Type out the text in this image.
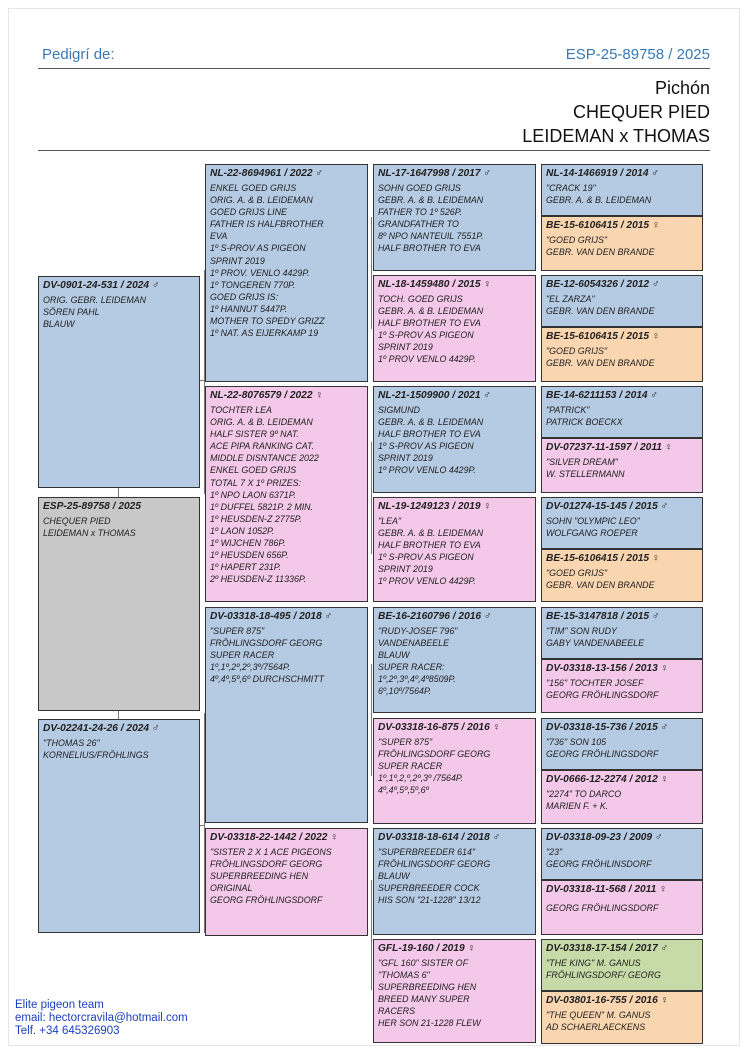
Pedigrí de:	ESP-25-89758 / 2025
Pichón
CHEQUER PIED
LEIDEMAN x THOMAS
DV-0901-24-531 / 2024 ♂
ORIG. GEBR. LEIDEMAN
SÖREN PAHL
BLAUW
ESP-25-89758 / 2025
CHEQUER PIED
LEIDEMAN x THOMAS
DV-02241-24-26 / 2024 ♂
"THOMAS 26"
KORNELIUS/FRÖHLINGS
NL-22-8694961 / 2022 ♂
ENKEL GOED GRIJS
ORIG. A. & B. LEIDEMAN
GOED GRIJS LINE
FATHER IS HALFBROTHER
EVA
1º S-PROV AS PIGEON
SPRINT 2019
1º PROV. VENLO 4429P.
1º TONGEREN 770P.
GOED GRIJS IS:
1º HANNUT 5447P.
MOTHER TO SPEDY GRIZZ
1º NAT. AS EIJERKAMP 19
NL-22-8076579 / 2022 ♀
TOCHTER LEA
ORIG. A. & B. LEIDEMAN
HALF SISTER 9º NAT.
ACE PIPA RANKING CAT.
MIDDLE DISNTANCE 2022
ENKEL GOED GRIJS
TOTAL 7 X 1º PRIZES:
1º NPO LAON 6371P.
1º DUFFEL 5821P. 2 MIN.
1º HEUSDEN-Z 2775P.
1º LAON 1052P.
1º WIJCHEN 786P.
1º HEUSDEN 656P.
1º HAPERT 231P.
2º HEUSDEN-Z 11336P.
DV-03318-18-495 / 2018 ♂
"SUPER 875"
FRÖHLINGSDORF GEORG
SUPER RACER
1º,1º,2º,2º,3º/7564P.
4º,4º,5º,6º DURCHSCHMITT
DV-03318-22-1442 / 2022 ♀
"SISTER 2 X 1 ACE PIGEONS
FRÖHLINGSDORF GEORG
SUPERBREEDING HEN
ORIGINAL
GEORG FRÖHLINGSDORF
NL-17-1647998 / 2017 ♂
SOHN GOED GRIJS
GEBR. A. & B. LEIDEMAN
FATHER TO 1º 526P.
GRANDFATHER TO
8º NPO NANTEUIL 7551P.
HALF BROTHER TO EVA
NL-18-1459480 / 2015 ♀
TOCH. GOED GRIJS
GEBR. A. & B. LEIDEMAN
HALF BROTHER TO EVA
1º S-PROV AS PIGEON
SPRINT 2019
1º PROV VENLO 4429P.
NL-21-1509900 / 2021 ♂
SIGMUND
GEBR. A. & B. LEIDEMAN
HALF BROTHER TO EVA
1º S-PROV AS PIGEON
SPRINT 2019
1º PROV VENLO 4429P.
NL-19-1249123 / 2019 ♀
"LEA"
GEBR. A. & B. LEIDEMAN
HALF BROTHER TO EVA
1º S-PROV AS PIGEON
SPRINT 2019
1º PROV VENLO 4429P.
BE-16-2160796 / 2016 ♂
"RUDY-JOSEF 796"
VANDENABEELE
BLAUW
SUPER RACER:
1º,2º,3º,4º,4º8509P.
6º,10º/7564P.
DV-03318-16-875 / 2016 ♀
"SUPER 875"
FRÖHLINGSDORF GEORG
SUPER RACER
1º,1º,2,º,2º,3º /7564P.
4º,4º,5º,5º,6º
DV-03318-18-614 / 2018 ♂
"SUPERBREEDER 614"
FRÖHLINGSDORF GEORG
BLAUW
SUPERBREEDER COCK
HIS SON "21-1228" 13/12
GFL-19-160 / 2019 ♀
"GFL 160" SISTER OF
"THOMAS 6"
SUPERBREEDING HEN
BREED MANY SUPER
RACERS
HER SON 21-1228 FLEW
NL-14-1466919 / 2014 ♂
"CRACK 19"
GEBR. A. & B. LEIDEMAN
BE-15-6106415 / 2015 ♀
"GOED GRIJS"
GEBR. VAN DEN BRANDE
BE-12-6054326 / 2012 ♂
"EL ZARZA"
GEBR. VAN DEN BRANDE
BE-15-6106415 / 2015 ♀
"GOED GRIJS"
GEBR. VAN DEN BRANDE
BE-14-6211153 / 2014 ♂
"PATRICK"
PATRICK BOECKX
DV-07237-11-1597 / 2011 ♀
"SILVER DREAM"
W. STELLERMANN
DV-01274-15-145 / 2015 ♂
SOHN "OLYMPIC LEO"
WOLFGANG ROEPER
BE-15-6106415 / 2015 ♀
"GOED GRIJS"
GEBR. VAN DEN BRANDE
BE-15-3147818 / 2015 ♂
"TIM" SON RUDY
GABY VANDENABEELE
DV-03318-13-156 / 2013 ♀
"156" TOCHTER JOSEF
GEORG FRÖHLINGSDORF
DV-03318-15-736 / 2015 ♂
"736" SON 105
GEORG FRÖHLINGSDORF
DV-0666-12-2274 / 2012 ♀
"2274" TO DARCO
MARIEN F. + K.
DV-03318-09-23 / 2009 ♂
"23"
GEORG FRÖHLINSDORF
DV-03318-11-568 / 2011 ♀
GEORG FRÖHLINGSDORF
DV-03318-17-154 / 2017 ♂
"THE KING" M. GANUS
FRÖHLINGSDORF/ GEORG
DV-03801-16-755 / 2016 ♀
"THE QUEEN" M. GANUS
AD SCHAERLAECKENS
Elite pigeon team
email: hectorcravila@hotmail.com
Telf. +34 645326903
